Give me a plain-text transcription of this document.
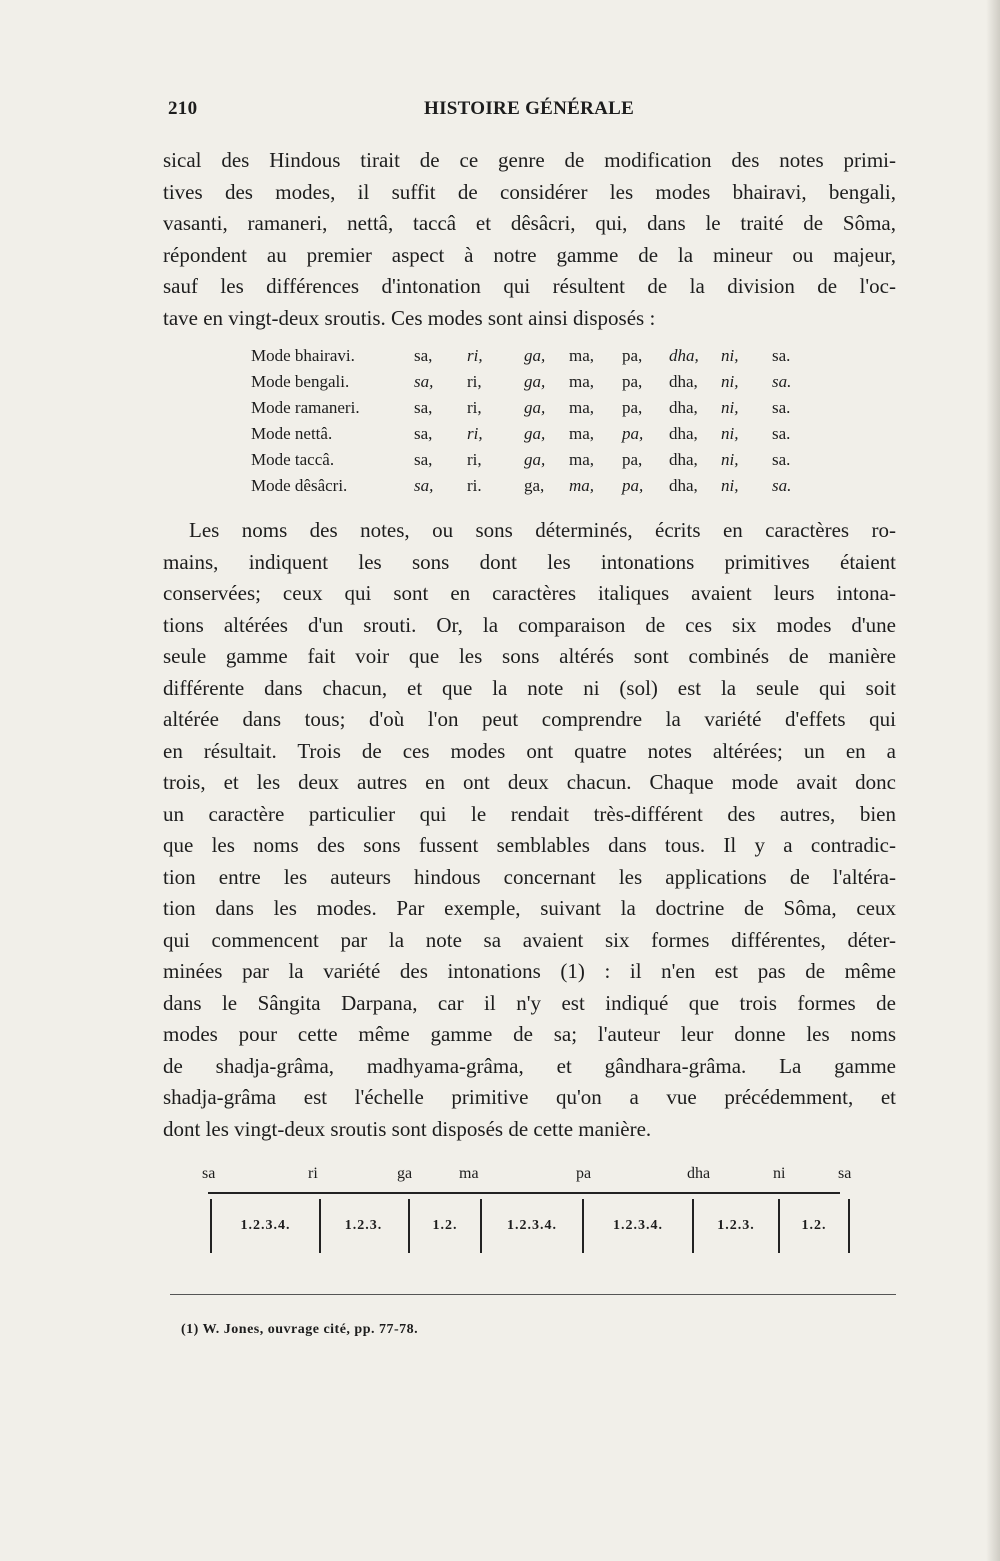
210	HISTOIRE GÉNÉRALE
sical des Hindous tirait de ce genre de modification des notes primi-
tives des modes, il suffit de considérer les modes bhairavi, bengali,
vasanti, ramaneri, nettâ, taccâ et dêsâcri, qui, dans le traité de Sôma,
répondent au premier aspect à notre gamme de la mineur ou majeur,
sauf les différences d'intonation qui résultent de la division de l'oc-
tave en vingt-deux sroutis. Ces modes sont ainsi disposés :
Mode bhairavi.	sa, ri, ga, ma, pa, dha, ni, sa.
Mode bengali.	sa, ri, ga, ma, pa, dha, ni, sa.
Mode ramaneri.	sa, ri, ga, ma, pa, dha, ni, sa.
Mode nettâ.	sa, ri, ga, ma, pa, dha, ni, sa.
Mode taccâ.	sa, ri, ga, ma, pa, dha, ni, sa.
Mode dêsâcri.	sa, ri. ga, ma, pa, dha, ni, sa.
Les noms des notes, ou sons déterminés, écrits en caractères ro-
mains, indiquent les sons dont les intonations primitives étaient
conservées; ceux qui sont en caractères italiques avaient leurs intona-
tions altérées d'un srouti. Or, la comparaison de ces six modes d'une
seule gamme fait voir que les sons altérés sont combinés de manière
différente dans chacun, et que la note ni (sol) est la seule qui soit
altérée dans tous; d'où l'on peut comprendre la variété d'effets qui
en résultait. Trois de ces modes ont quatre notes altérées; un en a
trois, et les deux autres en ont deux chacun. Chaque mode avait donc
un caractère particulier qui le rendait très-différent des autres, bien
que les noms des sons fussent semblables dans tous. Il y a contradic-
tion entre les auteurs hindous concernant les applications de l'altéra-
tion dans les modes. Par exemple, suivant la doctrine de Sôma, ceux
qui commencent par la note sa avaient six formes différentes, déter-
minées par la variété des intonations (1) : il n'en est pas de même
dans le Sângita Darpana, car il n'y est indiqué que trois formes de
modes pour cette même gamme de sa; l'auteur leur donne les noms
de shadja-grâma, madhyama-grâma, et gândhara-grâma. La gamme
shadja-grâma est l'échelle primitive qu'on a vue précédemment, et
dont les vingt-deux sroutis sont disposés de cette manière.
sa	ri	ga	ma	pa	dha	ni	sa
1.2.3.4.	1.2.3.	1.2.	1.2.3.4.	1.2.3.4.	1.2.3.	1.2.
(1) W. Jones, ouvrage cité, pp. 77-78.
